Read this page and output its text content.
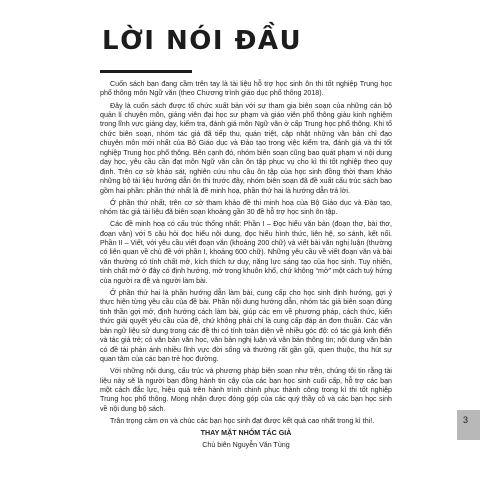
LỜI NÓI ĐẦU

Cuốn sách bạn đang cầm trên tay là tài liệu hỗ trợ học sinh ôn thi tốt nghiệp Trung học phổ thông môn Ngữ văn (theo Chương trình giáo dục phổ thông 2018).

Đây là cuốn sách được tổ chức xuất bản với sự tham gia biên soạn của những cán bộ quản lí chuyên môn, giảng viên đại học sư phạm và giáo viên phổ thông giàu kinh nghiệm trong lĩnh vực giảng dạy, kiểm tra, đánh giá môn Ngữ văn ở cấp Trung học phổ thông. Khi tổ chức biên soạn, nhóm tác giả đã tiếp thu, quán triệt, cập nhật những văn bản chỉ đạo chuyên môn mới nhất của Bộ Giáo dục và Đào tạo trong việc kiểm tra, đánh giá và thi tốt nghiệp Trung học phổ thông. Bên cạnh đó, nhóm biên soạn cũng bao quát phạm vi nội dung dạy học, yêu cầu cần đạt môn Ngữ văn cần ôn tập phục vụ cho kì thi tốt nghiệp theo quy định. Trên cơ sở khảo sát, nghiên cứu nhu cầu ôn tập của học sinh đồng thời tham khảo những bộ tài liệu hướng dẫn ôn thi trước đây, nhóm biên soạn đã đề xuất cấu trúc sách bao gồm hai phần: phần thứ nhất là đề minh hoạ, phần thứ hai là hướng dẫn trả lời.

Ở phần thứ nhất, trên cơ sở tham khảo đề thi minh hoạ của Bộ Giáo dục và Đào tạo, nhóm tác giả tài liệu đã biên soạn khoảng gần 30 đề hỗ trợ học sinh ôn tập.

Các đề minh hoạ có cấu trúc thống nhất: Phần I – Đọc hiểu văn bản (đoạn thơ, bài thơ, đoạn văn) với 5 câu hỏi đọc hiểu nội dung, đọc hiểu hình thức, liên hệ, so sánh, kết nối. Phần II – Viết, với yêu cầu viết đoạn văn (khoảng 200 chữ) và viết bài văn nghị luận (thường có liên quan về chủ đề với phần I, khoảng 600 chữ). Những yêu cầu về viết đoạn văn và bài văn thường có tính chất mở, kích thích tư duy, năng lực sáng tạo của học sinh. Tuy nhiên, tính chất mở ở đây có định hướng, mở trong khuôn khổ, chứ không “mở” một cách tuỳ hứng của người ra đề và người làm bài.

Ở phần thứ hai là phần hướng dẫn làm bài, cung cấp cho học sinh định hướng, gợi ý thực hiện từng yêu cầu của đề bài. Phần nội dung hướng dẫn, nhóm tác giả biên soạn đúng tinh thần gợi mở, định hướng cách làm bài, giúp các em về phương pháp, cách thức, kiến thức giải quyết yêu cầu của đề, chứ không phải chỉ là cung cấp đáp án đơn thuần. Các văn bản ngữ liệu sử dụng trong các đề thi có tính toàn diện về nhiều góc độ: có tác giả kinh điển và tác giả trẻ; có văn bản văn học, văn bản nghị luận và văn bản thông tin; nội dung văn bản có đề tài phản ánh nhiều lĩnh vực đời sống và thường rất gần gũi, quen thuộc, thu hút sự quan tâm của các bạn trẻ học đường.

Với những nội dung, cấu trúc và phương pháp biên soạn như trên, chúng tôi tin rằng tài liệu này sẽ là người bạn đồng hành tin cậy của các bạn học sinh cuối cấp, hỗ trợ các bạn một cách đắc lực, hiệu quả trên hành trình chinh phục thành công trong kì thi tốt nghiệp Trung học phổ thông. Mong nhận được đóng góp của các quý thầy cô và các bạn học sinh về nội dung bộ sách.

Trân trọng cảm ơn và chúc các bạn học sinh đạt được kết quả cao nhất trong kì thi!.

THAY MẶT NHÓM TÁC GIẢ

Chủ biên Nguyễn Văn Tùng

3
